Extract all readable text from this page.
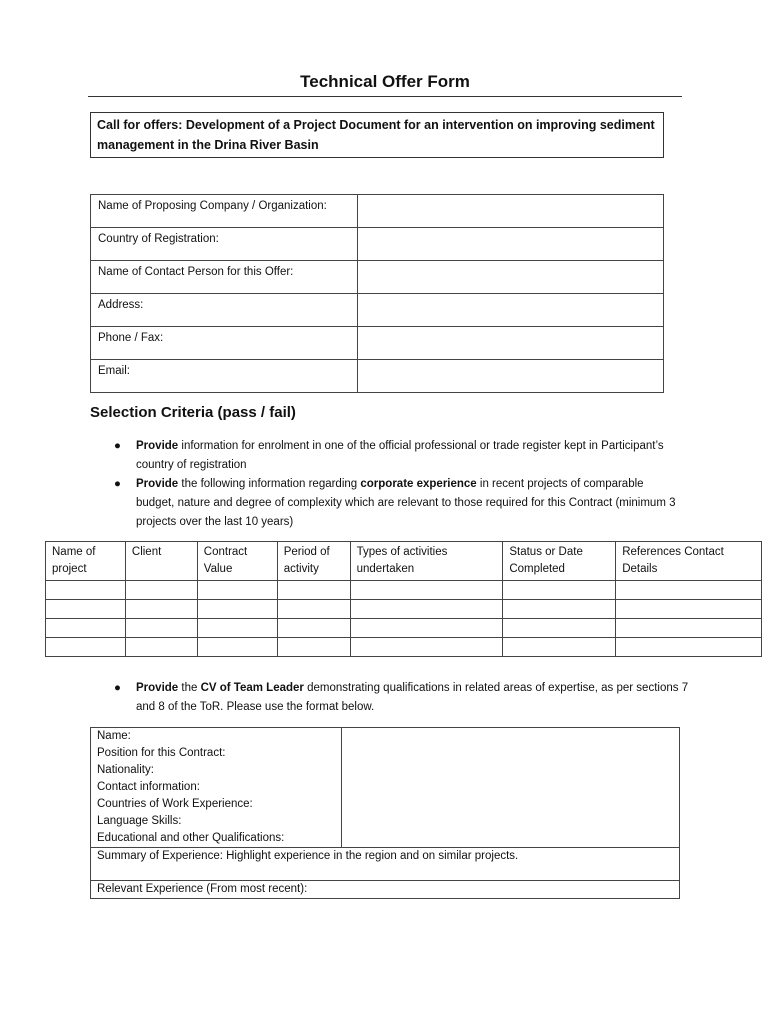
Technical Offer Form
Call for offers: Development of a Project Document for an intervention on improving sediment management in the Drina River Basin
Name of Proposing Company / Organization:	
Country of Registration:	
Name of Contact Person for this Offer:	
Address:	
Phone / Fax:	
Email:	
Selection Criteria (pass / fail)
● Provide information for enrolment in one of the official professional or trade register kept in Participant’s country of registration
● Provide the following information regarding corporate experience in recent projects of comparable budget, nature and degree of complexity which are relevant to those required for this Contract (minimum 3 projects over the last 10 years)
Name of project	Client	Contract Value	Period of activity	Types of activities undertaken	Status or Date Completed	References Contact Details

● Provide the CV of Team Leader demonstrating qualifications in related areas of expertise, as per sections 7 and 8 of the ToR. Please use the format below.
Name:	
Position for this Contract:
Nationality:
Contact information:
Countries of Work Experience:
Language Skills:
Educational and other Qualifications:
Summary of Experience: Highlight experience in the region and on similar projects.
Relevant Experience (From most recent):
